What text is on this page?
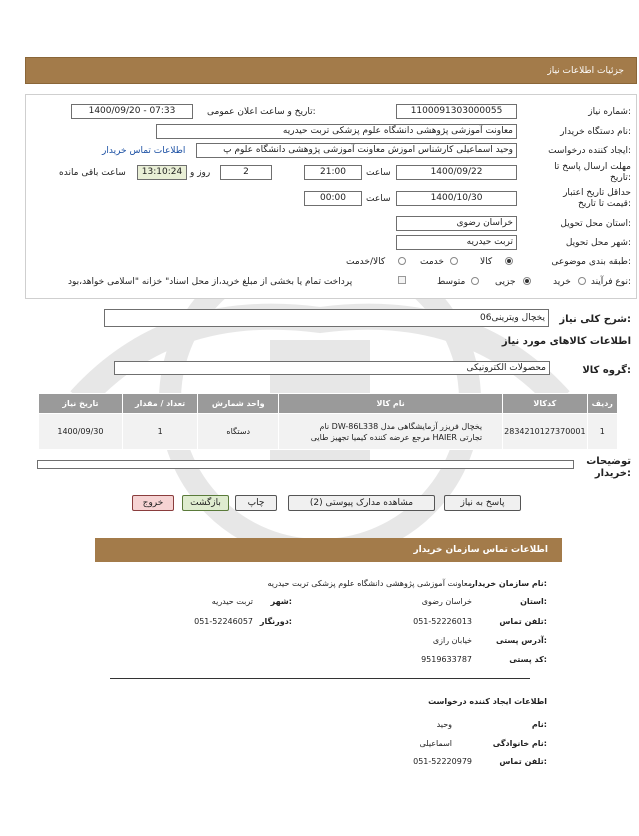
جزئیات اطلاعات نیاز
شماره نیاز:
1100091303000055
تاریخ و ساعت اعلان عمومی:
1400/09/20 - 07:33
نام دستگاه خریدار:
معاونت آموزشی پژوهشی دانشگاه علوم پزشکی تربت حیدریه
ایجاد کننده درخواست:
وحید اسماعیلی کارشناس اموزش معاونت آموزشی پژوهشی دانشگاه علوم پ
اطلاعات تماس خریدار
مهلت ارسال پاسخ تا تاریخ:
1400/09/22
ساعت
21:00
2
روز و
13:10:24
ساعت باقی مانده
حداقل تاریخ اعتبار قیمت تا تاریخ:
1400/10/30
ساعت
00:00
استان محل تحویل:
خراسان رضوی
شهر محل تحویل:
تربت حیدریه
طبقه بندی موضوعی:
کالا
خدمت
کالا/خدمت
نوع فرآیند:
خرید
جزیی
متوسط
پرداخت تمام یا بخشی از مبلغ خرید،از محل اسناد" خزانه "اسلامی خواهد،بود
شرح کلی نیاز:
یخچال ویترینی06
اطلاعات کالاهای مورد نیاز
گروه کالا:
محصولات الکترونیکی
ردیف	کدکالا	نام کالا	واحد شمارش	تعداد / مقدار	تاریخ نیاز
1	2834210127370001	یخچال فریزر آزمایشگاهی مدل DW-86L338 نام تجارتی HAIER مرجع عرضه کننده کیمیا تجهیز طایی	دستگاه	1	1400/09/30
توضیحات خریدار:
پاسخ به نیاز
مشاهده مدارک پیوستی (2)
چاپ
بازگشت
خروج
اطلاعات تماس سازمان خریدار
نام سازمان خریدار:
معاونت آموزشی پژوهشی دانشگاه علوم پزشکی تربت حیدریه
استان:
خراسان رضوی
شهر:
تربت حیدریه
تلفن تماس:
051-52226013
دورنگار:
051-52246057
آدرس پستی:
خیابان رازی
کد پستی:
9519633787
اطلاعات ایجاد کننده درخواست
نام:
وحید
نام خانوادگی:
اسماعیلی
تلفن تماس:
051-52220979
